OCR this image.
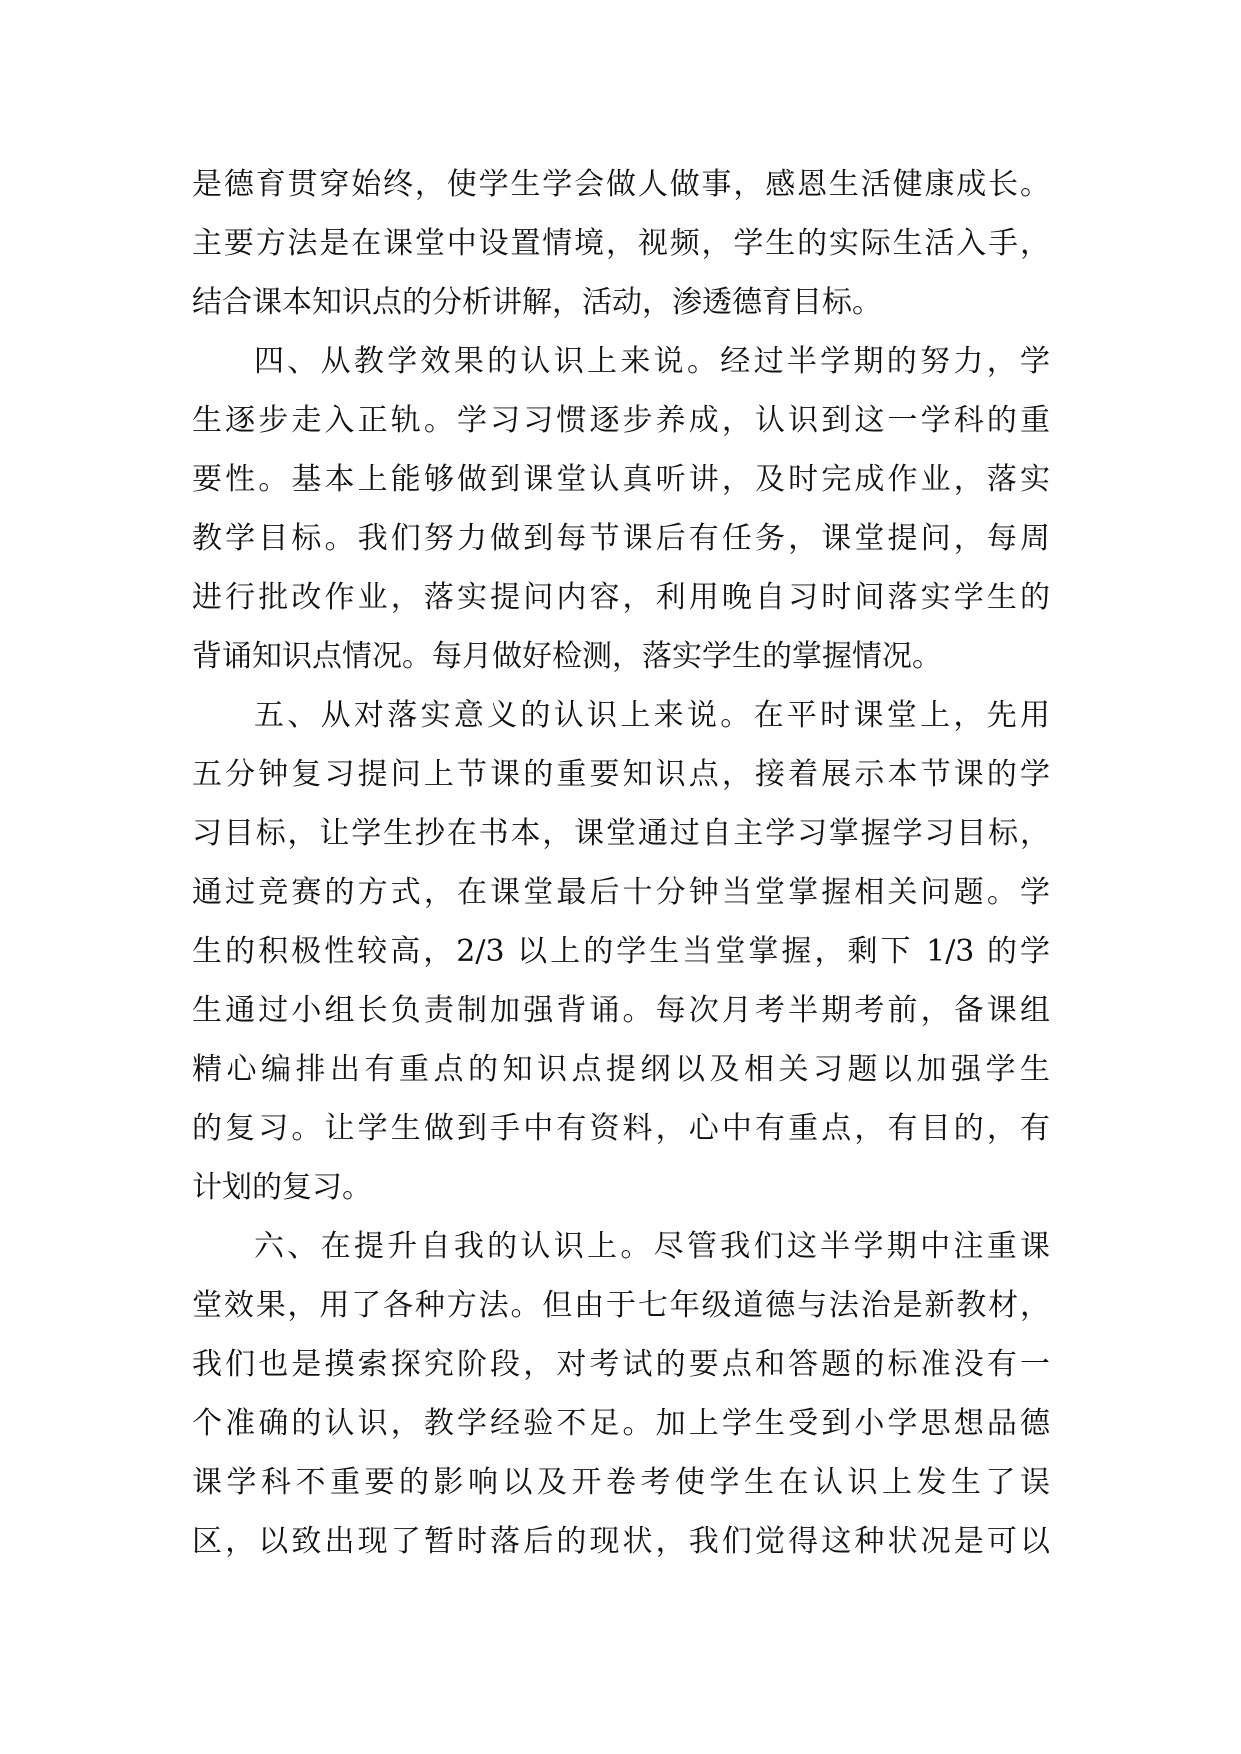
是德育贯穿始终，使学生学会做人做事，感恩生活健康成长。
主要方法是在课堂中设置情境，视频，学生的实际生活入手，
结合课本知识点的分析讲解，活动，渗透德育目标。
四、从教学效果的认识上来说。经过半学期的努力，学
生逐步走入正轨。学习习惯逐步养成，认识到这一学科的重
要性。基本上能够做到课堂认真听讲，及时完成作业，落实
教学目标。我们努力做到每节课后有任务，课堂提问，每周
进行批改作业，落实提问内容，利用晚自习时间落实学生的
背诵知识点情况。每月做好检测，落实学生的掌握情况。
五、从对落实意义的认识上来说。在平时课堂上，先用
五分钟复习提问上节课的重要知识点，接着展示本节课的学
习目标，让学生抄在书本，课堂通过自主学习掌握学习目标，
通过竞赛的方式，在课堂最后十分钟当堂掌握相关问题。学
生的积极性较高，2/3 以上的学生当堂掌握，剩下 1/3 的学
生通过小组长负责制加强背诵。每次月考半期考前，备课组
精心编排出有重点的知识点提纲以及相关习题以加强学生
的复习。让学生做到手中有资料，心中有重点，有目的，有
计划的复习。
六、在提升自我的认识上。尽管我们这半学期中注重课
堂效果，用了各种方法。但由于七年级道德与法治是新教材，
我们也是摸索探究阶段，对考试的要点和答题的标准没有一
个准确的认识，教学经验不足。加上学生受到小学思想品德
课学科不重要的影响以及开卷考使学生在认识上发生了误
区，以致出现了暂时落后的现状，我们觉得这种状况是可以
